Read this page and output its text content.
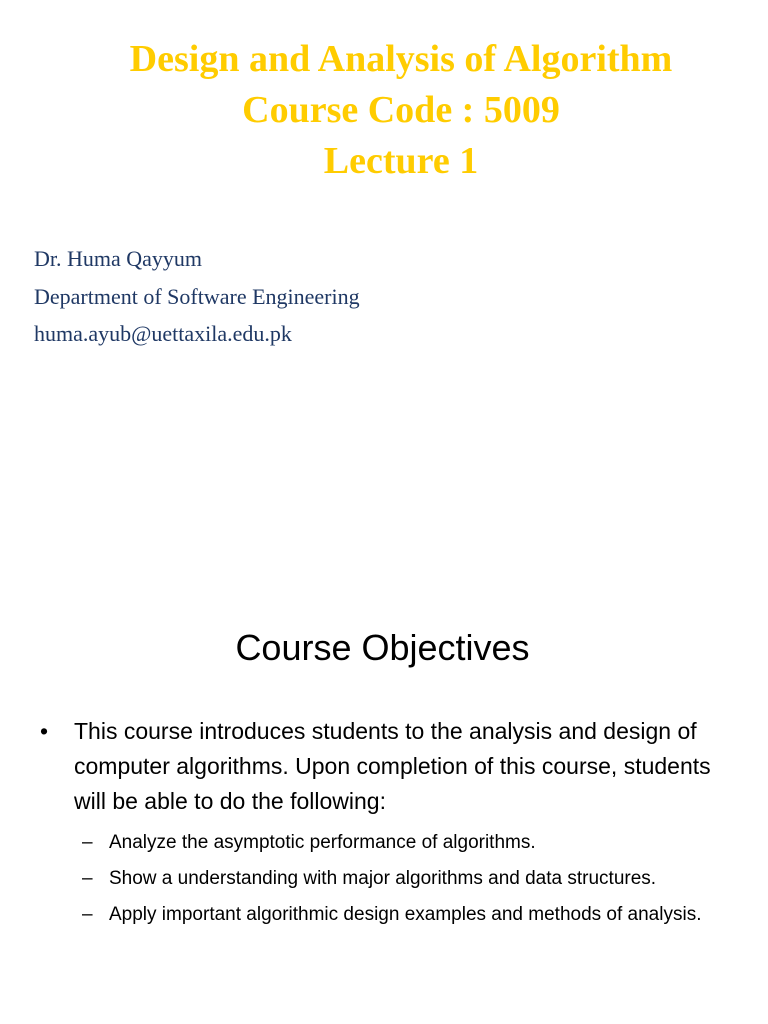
Design and Analysis of Algorithm
Course Code : 5009
Lecture 1
Dr. Huma Qayyum
Department of Software Engineering
huma.ayub@uettaxila.edu.pk
Course Objectives
• This course introduces students to the analysis and design of computer algorithms. Upon completion of this course, students will be able to do the following:
– Analyze the asymptotic performance of algorithms.
– Show a understanding with major algorithms and data structures.
– Apply important algorithmic design examples and methods of analysis.
